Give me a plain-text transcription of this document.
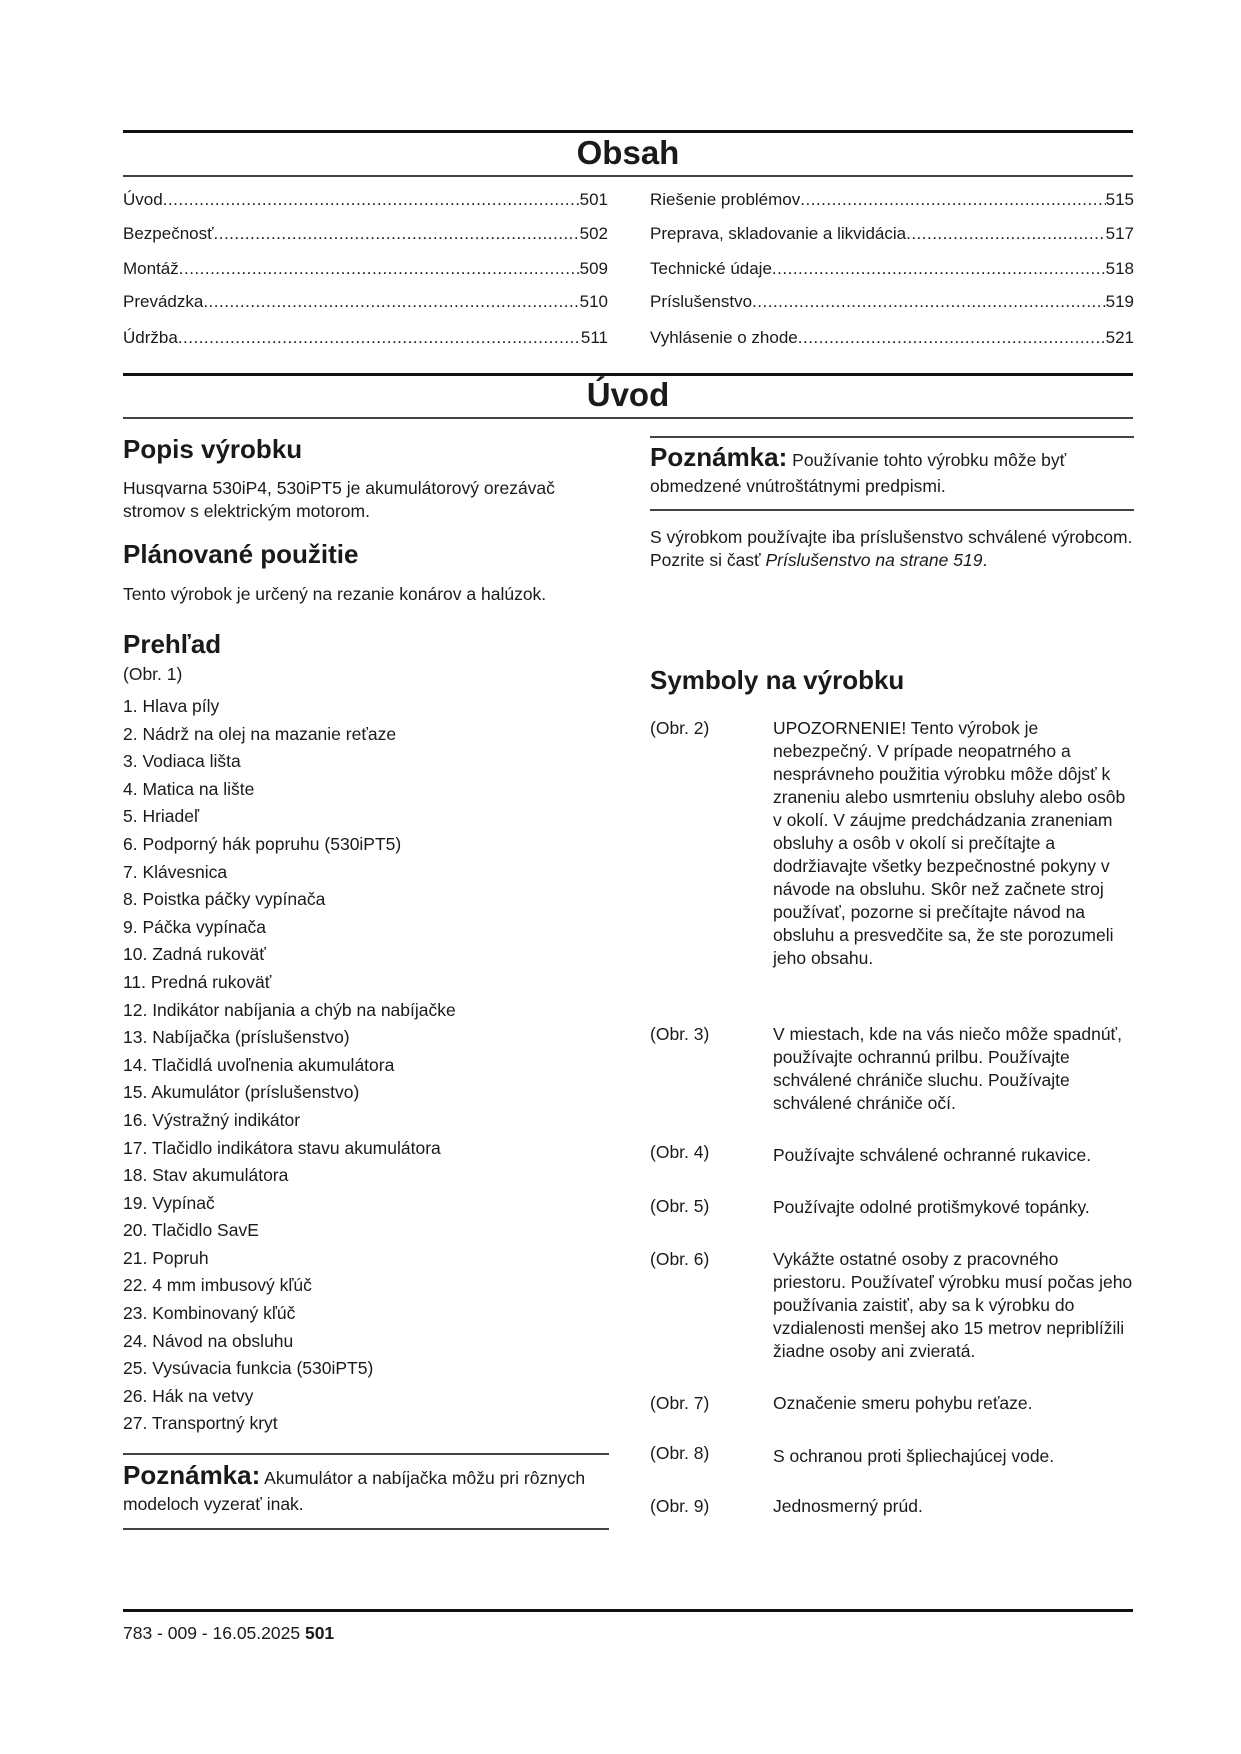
Obsah
Úvod .....	501
Bezpečnosť .....	502
Montáž .....	509
Prevádzka .....	510
Údržba .....	511
Riešenie problémov .....	515
Preprava, skladovanie a likvidácia .....	517
Technické údaje .....	518
Príslušenstvo .....	519
Vyhlásenie o zhode .....	521
Úvod
Popis výrobku
Husqvarna 530iP4, 530iPT5 je akumulátorový orezávač stromov s elektrickým motorom.
Plánované použitie
Tento výrobok je určený na rezanie konárov a halúzok.
Prehľad
(Obr. 1)
1. Hlava píly
2. Nádrž na olej na mazanie reťaze
3. Vodiaca lišta
4. Matica na lište
5. Hriadeľ
6. Podporný hák popruhu (530iPT5)
7. Klávesnica
8. Poistka páčky vypínača
9. Páčka vypínača
10. Zadná rukoväť
11. Predná rukoväť
12. Indikátor nabíjania a chýb na nabíjačke
13. Nabíjačka (príslušenstvo)
14. Tlačidlá uvoľnenia akumulátora
15. Akumulátor (príslušenstvo)
16. Výstražný indikátor
17. Tlačidlo indikátora stavu akumulátora
18. Stav akumulátora
19. Vypínač
20. Tlačidlo SavE
21. Popruh
22. 4 mm imbusový kľúč
23. Kombinovaný kľúč
24. Návod na obsluhu
25. Vysúvacia funkcia (530iPT5)
26. Hák na vetvy
27. Transportný kryt
Poznámka: Akumulátor a nabíjačka môžu pri rôznych modeloch vyzerať inak.
Poznámka: Používanie tohto výrobku môže byť obmedzené vnútroštátnymi predpismi.
S výrobkom používajte iba príslušenstvo schválené výrobcom. Pozrite si časť Príslušenstvo na strane 519.
Symboly na výrobku
(Obr. 2)	UPOZORNENIE! Tento výrobok je nebezpečný. V prípade neopatrného a nesprávneho použitia výrobku môže dôjsť k zraneniu alebo usmrteniu obsluhy alebo osôb v okolí. V záujme predchádzania zraneniam obsluhy a osôb v okolí si prečítajte a dodržiavajte všetky bezpečnostné pokyny v návode na obsluhu. Skôr než začnete stroj používať, pozorne si prečítajte návod na obsluhu a presvedčite sa, že ste porozumeli jeho obsahu.
(Obr. 3)	V miestach, kde na vás niečo môže spadnúť, používajte ochrannú prilbu. Používajte schválené chrániče sluchu. Používajte schválené chrániče očí.
(Obr. 4)	Používajte schválené ochranné rukavice.
(Obr. 5)	Používajte odolné protišmykové topánky.
(Obr. 6)	Vykážte ostatné osoby z pracovného priestoru. Používateľ výrobku musí počas jeho používania zaistiť, aby sa k výrobku do vzdialenosti menšej ako 15 metrov nepriblížili žiadne osoby ani zvieratá.
(Obr. 7)	Označenie smeru pohybu reťaze.
(Obr. 8)	S ochranou proti špliechajúcej vode.
(Obr. 9)	Jednosmerný prúd.
783 - 009 - 16.05.2025 501
